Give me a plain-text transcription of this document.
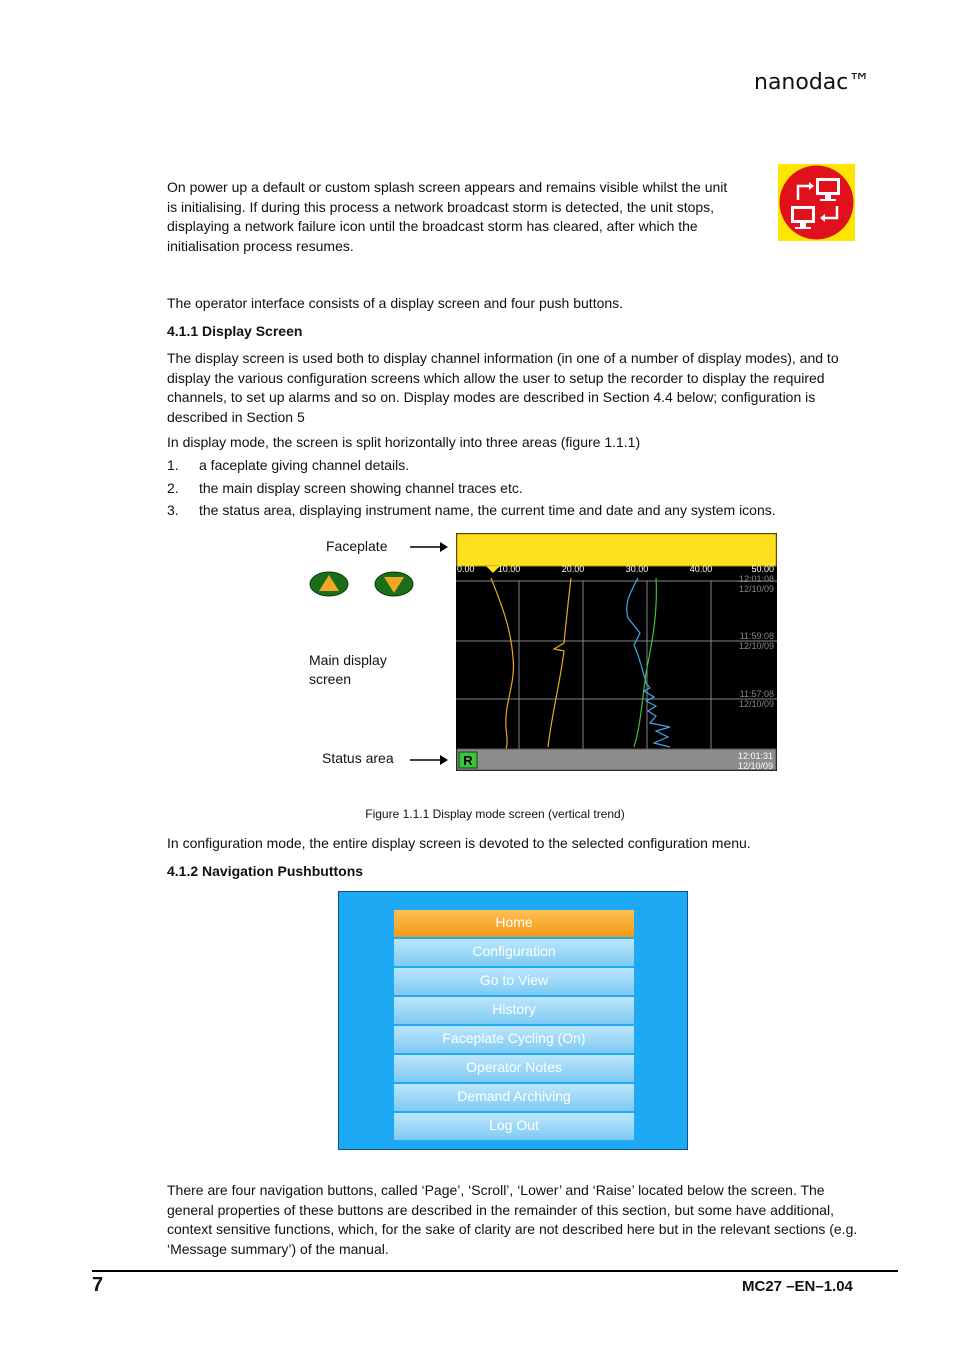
nanodac™

On power up a default or custom splash screen appears and remains visible whilst the unit is initialising. If during this process a network broadcast storm is detected, the unit stops, displaying a network failure icon until the broadcast storm has cleared, after which the initialisation process resumes.

The operator interface consists of a display screen and four push buttons.

4.1.1 Display Screen

The display screen is used both to display channel information (in one of a number of display modes), and to display the various configuration screens which allow the user to setup the recorder to display the required channels, to set up alarms and so on. Display modes are described in Section 4.4 below; configuration is described in Section 5

In display mode, the screen is split horizontally into three areas (figure 1.1.1)

1. a faceplate giving channel details.
2. the main display screen showing channel traces etc.
3. the status area, displaying instrument name, the current time and date and any system icons.
Faceplate
Main display
screen
Status area
0.00	10.00	20.00	30.00	40.00	50.00
12:01:08
12/10/09
11:59:08
12/10/09
11:57:08
12/10/09
R	12:01:31
12/10/09
Figure 1.1.1 Display mode screen (vertical trend)

In configuration mode, the entire display screen is devoted to the selected configuration menu.

4.1.2 Navigation Pushbuttons
Home
Configuration
Go to View
History
Faceplate Cycling (On)
Operator Notes
Demand Archiving
Log Out

There are four navigation buttons, called ‘Page’, ‘Scroll’, ‘Lower’ and ‘Raise’ located below the screen. The general properties of these buttons are described in the remainder of this section, but some have additional, context sensitive functions, which, for the sake of clarity are not described here but in the relevant sections (e.g. ‘Message summary’) of the manual.

7	MC27 –EN–1.04
